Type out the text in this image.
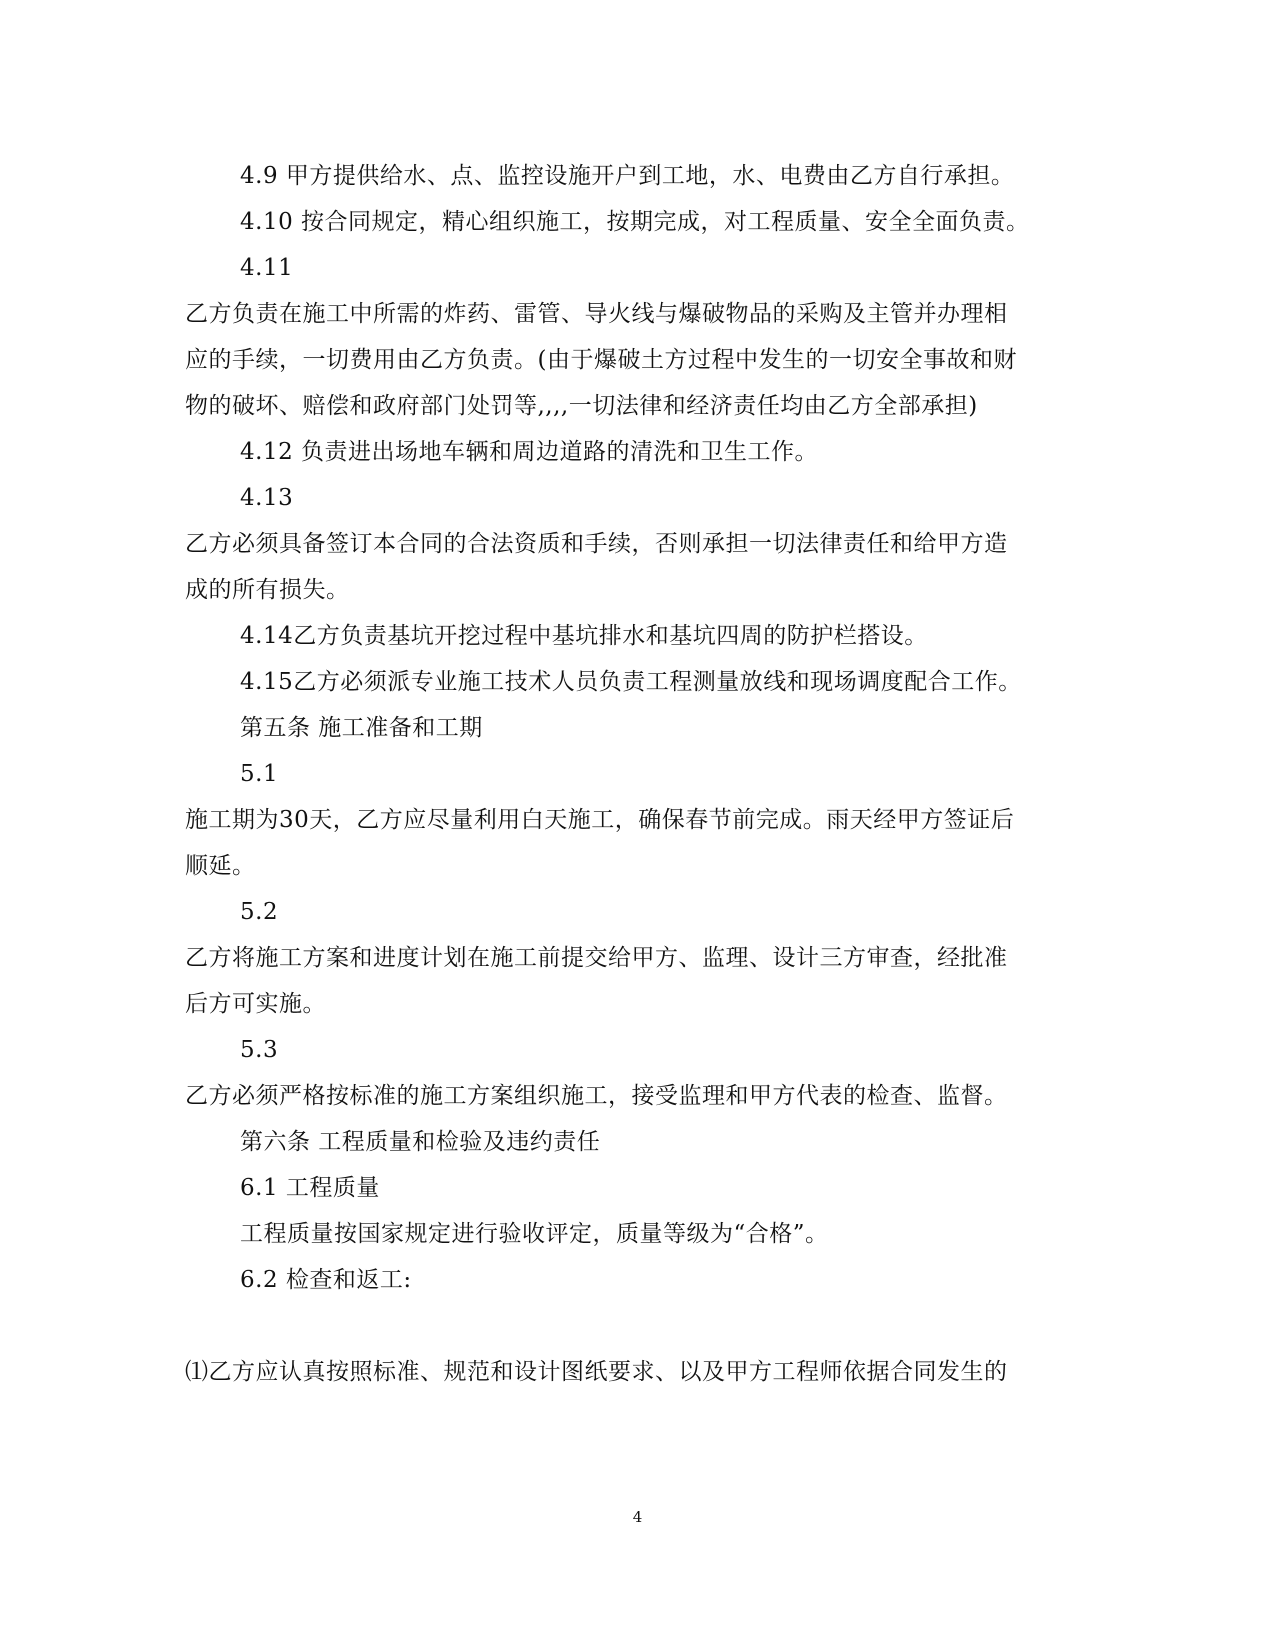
4.9 甲方提供给水、点、监控设施开户到工地，水、电费由乙方自行承担。
4.10 按合同规定，精心组织施工，按期完成，对工程质量、安全全面负责。
4.11
乙方负责在施工中所需的炸药、雷管、导火线与爆破物品的采购及主管并办理相
应的手续，一切费用由乙方负责。(由于爆破土方过程中发生的一切安全事故和财
物的破坏、赔偿和政府部门处罚等,,,,一切法律和经济责任均由乙方全部承担)
4.12 负责进出场地车辆和周边道路的清洗和卫生工作。
4.13
乙方必须具备签订本合同的合法资质和手续，否则承担一切法律责任和给甲方造
成的所有损失。
4.14乙方负责基坑开挖过程中基坑排水和基坑四周的防护栏搭设。
4.15乙方必须派专业施工技术人员负责工程测量放线和现场调度配合工作。
第五条 施工准备和工期
5.1
施工期为30天，乙方应尽量利用白天施工，确保春节前完成。雨天经甲方签证后
顺延。
5.2
乙方将施工方案和进度计划在施工前提交给甲方、监理、设计三方审查，经批准
后方可实施。
5.3
乙方必须严格按标准的施工方案组织施工，接受监理和甲方代表的检查、监督。
第六条 工程质量和检验及违约责任
6.1 工程质量
工程质量按国家规定进行验收评定，质量等级为“合格”。
6.2 检查和返工:
⑴乙方应认真按照标准、规范和设计图纸要求、以及甲方工程师依据合同发生的
4
